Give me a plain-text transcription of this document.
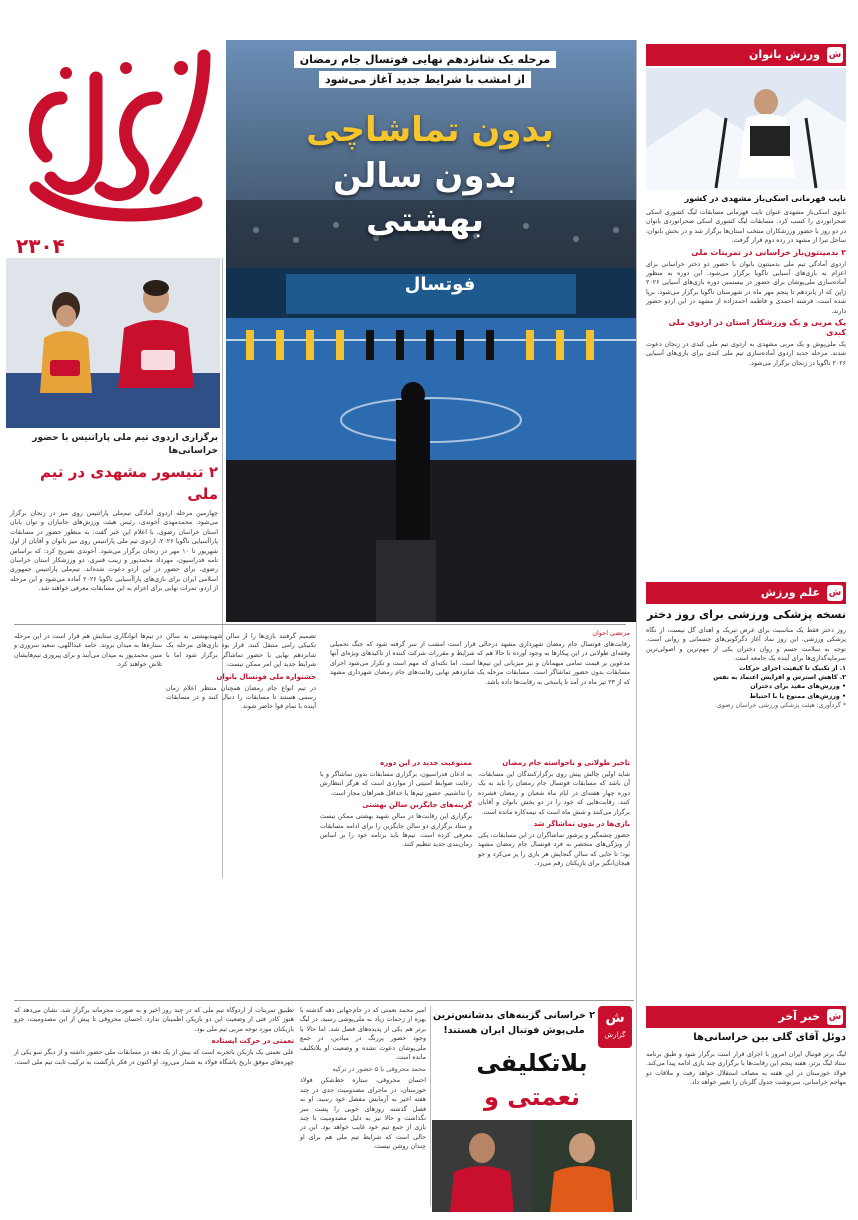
۲۳۰۴
برگزاری اردوی تیم ملی پاراتنیس با حضور خراسانی‌ها
۲ تنیسور مشهدی در تیم ملی
چهارمین مرحله اردوی آمادگی تیم‌ملی پاراتنیس روی میز در زنجان برگزار می‌شود. محمدمهدی آخوندی، رئیس هیئت ورزش‌های جانبازان و توان یابان استان خراسان رضوی، با اعلام این خبر گفت: به منظور حضور در مسابقات پاراآسیایی ناگویا ۲۰۲۶، اردوی تیم ملی پاراتنیس روی میز بانوان و آقایان از اول شهریور تا ۱۰ مهر در زنجان برگزار می‌شود. آخوندی تصریح کرد: که براساس نامه فدراسیون، مهرداد محمدپور و زینب قنبری، دو ورزشکار استان خراسان رضوی، برای حضور در این اردو دعوت شده‌اند. تیم‌ملی پاراتنیس جمهوری اسلامی ایران برای بازی‌های پاراآسیایی ناگویا ۲۰۲۶ آماده می‌شود و این مرحله از اردو، تمرات نهایی برای اعزام به این مسابقات معرفی خواهند شد.
مرحله یک شانزدهم نهایی فوتسال جام رمضان
از امشب با شرایط جدید آغاز می‌شود
بدون تماشاچی
بدون سالن بهشتی
فوتسال
مرتضی احوان
رقابت‌های فوتسال جام رمضان شهرداری مشهد درحالی قرار است امشب از سر گرفته شود که جنگ تحمیلی وقفه‌ای طولانی در این پیکارها به وجود آورده تا حالا هم که شرایط و مقررات شرکت کننده از تاکیدهای ویژه‌ای آنها مدعوین بر قیمت تمامی میهمانان و نیز میزبانی این تیم‌ها است. اما نکته‌ای که مهم است و تکرار می‌شود اجرای مسابقات بدون حضور تماشاگر است. مسابقات مرحله یک شانزدهم نهایی رقابت‌های جام رمضان شهرداری مشهد که از ۲۳ تیر ماه در آمد تا پاسخی به رقابت‌ها داده باشد.
تاخیر طولانی و ناخواسته جام رمضان
شاید اولین چالش پیش روی برگزارکنندگان این مسابقات، آن باشد که مسابقات فوتسال جام رمضان را باید به یک دوره چهار هفته‌ای در ایام ماه شعبان و رمضان فشرده کنند. رقابت‌هایی که خود را در دو بخش بانوان و آقایان برگزار می‌کنند و شش ماه است که نیمه‌کاره مانده است.
بازی‌ها در بدون تماشاگر شد
حضور چشمگیر و پرشور تماشاگران در این مسابقات، یکی از ویژگی‌های منحصر به فرد فوتسال جام رمضان مشهد بود؛ تا جایی که سالن گنجایش هر بازی را پر می‌کرد و جو هیجان‌انگیز برای بازیکنان رقم می‌زد.
ممنوعیت جدید در این دوره
به اذعان فدراسیون، برگزاری مسابقات بدون تماشاگر و با رعایت ضوابط امنیتی از مواردی است که هرگز انتظارش را نداشتیم. حضور تیم‌ها با حداقل همراهان مجاز است.
گزینه‌های جایگزین سالن بهشتی
برگزاری این رقابت‌ها در سالن شهید بهشتی ممکن نیست و ستاد برگزاری دو سالن جایگزین را برای ادامه مسابقات معرفی کرده است. تیم‌ها باید برنامه خود را بر اساس زمان‌بندی جدید تنظیم کنند.
تصمیم گرفتند بازی‌ها را از سالن شهیدبهشتی به سالن تکنیکی رامی منتقل کنند. قرار بود بازی‌های مرحله یک شانزدهم نهایی با حضور تماشاگر برگزار شود اما با شرایط جدید این امر ممکن نیست.
جشنواره ملی فوتسال بانوان
در تیم انواع جام رمضان همچنان منتظر اعلام زمان رسمی هستند تا مسابقات را دنبال کنند و در مسابقات آینده با تمام قوا حاضر شوند.
در تیم‌ها انوانگاری ستایش هم قرار است در این مرحله ستاره‌ها به میدان بروند. حامد عبداللهی، سعید سروری و متین محمدپور به میدان می‌آیند و برای پیروزی تیم‌هایشان تلاش خواهند کرد.
ش
ورزش بانوان
نایب قهرمانی اسکی‌باز مشهدی در کشور
بانوی اسکی‌باز مشهدی عنوان نایب قهرمانی مسابقات لیگ کشوری اسکی صحرانوردی را کسب کرد. مسابقات لیگ کشوری اسکی صحرانوردی بانوان در دو روز با حضور ورزشکاران منتخب استان‌ها برگزار شد و در بخش بانوان، ساحل تبرا از مشهد در رده دوم قرار گرفت.
۲ بدمینتون‌باز خراسانی در تمرینات ملی
اردوی آمادگی تیم ملی بدمینتون بانوان با حضور دو دختر خراسانی برای اعزام به بازی‌های آسیایی ناگویا برگزار می‌شود. این دوره به منظور آماده‌سازی ملی‌پوشان برای حضور در بیستمین دوره بازی‌های آسیایی ۲۰۲۶ ژاپن که از پانزدهم تا پنجم مهر ماه در شهرستان ناگویا برگزار می‌شود، برپا شده است. فرشته احمدی و فاطمه احمدزاده از مشهد در این اردو حضور دارند.
یک مربی و یک ورزشکار استان در اردوی ملی کبدی
یک ملی‌پوش و یک مربی مشهدی به اردوی تیم ملی کبدی در زنجان دعوت شدند. مرحله جدید اردوی آماده‌سازی تیم ملی کبدی برای بازی‌های آسیایی ۲۰۲۶ ناگویا در زنجان برگزار می‌شود.
ش
علم ورزش
نسخه پزشکی ورزشی برای روز دختر
روز دختر فقط یک مناسبت برای عرض تبریک و اهدای گل نیست، از نگاه پزشکی ورزشی، این روز نماد آغاز دگرگونی‌های جسمانی و روانی است. توجه به سلامت جسم و روان دختران یکی از مهم‌ترین و اصولی‌ترین سرمایه‌گذاری‌ها برای آینده یک جامعه است.
۱. از تکنیک تا کیفیت اجرای حرکات
۲. کاهش استرس و افزایش اعتماد به نفس
• ورزش‌های مفید برای دختران
• ورزش‌های ممنوع یا با احتیاط
* گردآوری: هیئت پزشکی ورزشی خراسان رضوی
ش
خبر آخر
دوئل آقای گلی بین خراسانی‌ها
لیگ برتر فوتبال ایران امروز با اجرای قرار است برگزار شود و طبق برنامه ستاد لیگ برتر، هفته پنجم این رقابت‌ها با برگزاری چند بازی ادامه پیدا می‌کند. فولاد خوزستان در این هفته به مصاف استقلال خواهد رفت و ملاقات دو مهاجم خراسانی، سرنوشت جدول گلزنان را تغییر خواهد داد.
ش
گزارش
۲ خراسانی گزینه‌های بدشانس‌ترین ملی‌پوش فوتبال ایران هستند!
بلاتکلیفی
نعمتی و
امیر محمد نعمتی که در جام‌جهانی دهه گذشته با بهره از زحمات زیاد به ملی‌پوشی رسید، در لیگ برتر هم یکی از پدیده‌های فصل شد. اما حالا با وجود حضور پررنگ در میادین، در جمع ملی‌پوشان دعوت نشده و وضعیت او بلاتکلیف مانده است.
محمد محروقی با ۵ حضور در ترکیه
احسان محروقی، ستاره خط‌شکن فولاد خوزستان، در ماجرای مصدومیت جدی در چند هفته اخیر به آزمایش مفصل خود رسید. او به فصل گذشته روزهای خوبی را پشت سر نگذاشت و حالا نیز به دلیل مصدومیت تا چند بازی از جمع تیم خود غایب خواهد بود. این در حالی است که شرایط تیم ملی هم برای او چندان روشن نیست.
تطبیق تمرینات از اردوگاه تیم ملی که در چند روز اخیر و به صورت محرمانه برگزار شد، نشان می‌دهد که هنوز کادر فنی از وضعیت این دو بازیکن اطمینان ندارد. احسان محروقی تا پیش از این مصدومیت، جزو بازیکنان مورد توجه مربی تیم ملی بود.
نعمتی در حرکت ایستاده
علی نعمتی یک بازیکن باتجربه است که بیش از یک دهه در مسابقات ملی حضور داشته و از دیگر سو یکی از چهره‌های موفق تاریخ باشگاه فولاد به شمار می‌رود. او اکنون در فکر بازگشت به ترکیب ثابت تیم ملی است.
